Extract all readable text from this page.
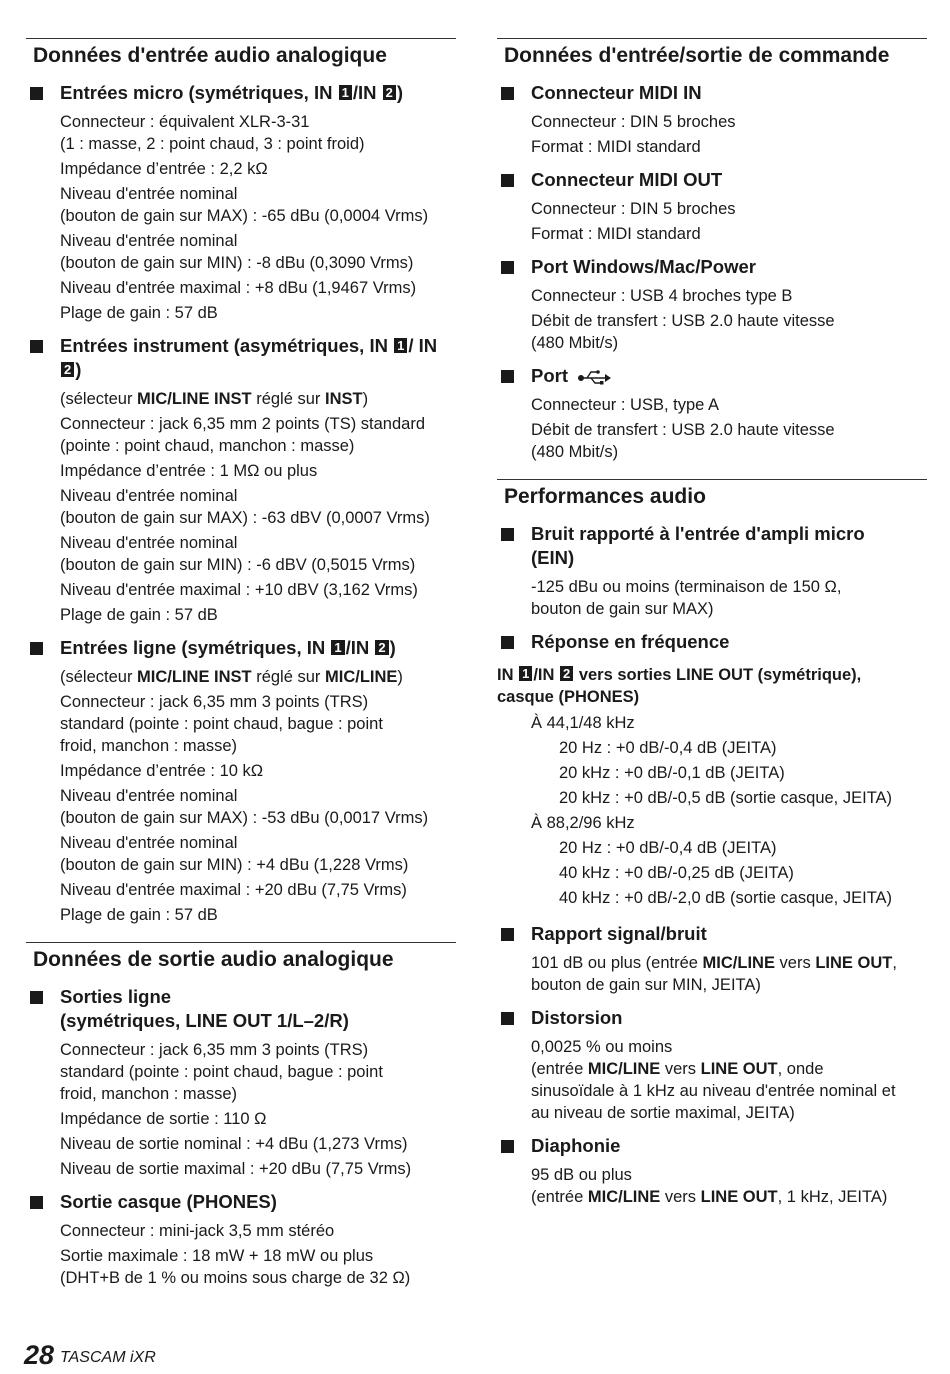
Données d'entrée audio analogique
Entrées micro (symétriques, IN 1 /IN 2 )
Connecteur : équivalent XLR-3-31
(1 : masse, 2 : point chaud, 3 : point froid)
Impédance d’entrée : 2,2 kΩ
Niveau d'entrée nominal
(bouton de gain sur MAX) : -65 dBu (0,0004 Vrms)
Niveau d'entrée nominal
(bouton de gain sur MIN) : -8 dBu (0,3090 Vrms)
Niveau d'entrée maximal : +8 dBu (1,9467 Vrms)
Plage de gain : 57 dB
Entrées instrument (asymétriques, IN 1 / IN 2 )
(sélecteur MIC/LINE INST réglé sur INST)
Connecteur : jack 6,35 mm 2 points (TS) standard
(pointe : point chaud, manchon : masse)
Impédance d’entrée : 1 MΩ ou plus
Niveau d'entrée nominal
(bouton de gain sur MAX) : -63 dBV (0,0007 Vrms)
Niveau d'entrée nominal
(bouton de gain sur MIN) : -6 dBV (0,5015 Vrms)
Niveau d'entrée maximal : +10 dBV (3,162 Vrms)
Plage de gain : 57 dB
Entrées ligne (symétriques, IN 1 /IN 2 )
(sélecteur MIC/LINE INST réglé sur MIC/LINE)
Connecteur : jack 6,35 mm 3 points (TRS)
standard (pointe : point chaud, bague : point
froid, manchon : masse)
Impédance d’entrée : 10 kΩ
Niveau d'entrée nominal
(bouton de gain sur MAX) : -53 dBu (0,0017 Vrms)
Niveau d'entrée nominal
(bouton de gain sur MIN) : +4 dBu (1,228 Vrms)
Niveau d'entrée maximal : +20 dBu (7,75 Vrms)
Plage de gain : 57 dB
Données de sortie audio analogique
Sorties ligne
(symétriques, LINE OUT 1/L–2/R)
Connecteur : jack 6,35 mm 3 points (TRS)
standard (pointe : point chaud, bague : point
froid, manchon : masse)
Impédance de sortie : 110 Ω
Niveau de sortie nominal : +4 dBu (1,273 Vrms)
Niveau de sortie maximal : +20 dBu (7,75 Vrms)
Sortie casque (PHONES)
Connecteur : mini-jack 3,5 mm stéréo
Sortie maximale : 18 mW + 18 mW ou plus
(DHT+B de 1 % ou moins sous charge de 32 Ω)
Données d'entrée/sortie de commande
Connecteur MIDI IN
Connecteur : DIN 5 broches
Format : MIDI standard
Connecteur MIDI OUT
Connecteur : DIN 5 broches
Format : MIDI standard
Port Windows/Mac/Power
Connecteur : USB 4 broches type B
Débit de transfert : USB 2.0 haute vitesse
(480 Mbit/s)
Port
Connecteur : USB, type A
Débit de transfert : USB 2.0 haute vitesse
(480 Mbit/s)
Performances audio
Bruit rapporté à l'entrée d'ampli micro
(EIN)
-125 dBu ou moins (terminaison de 150 Ω,
bouton de gain sur MAX)
Réponse en fréquence
IN 1 /IN 2 vers sorties LINE OUT (symétrique),
casque (PHONES)
À 44,1/48 kHz
20 Hz : +0 dB/-0,4 dB (JEITA)
20 kHz : +0 dB/-0,1 dB (JEITA)
20 kHz : +0 dB/-0,5 dB (sortie casque, JEITA)
À 88,2/96 kHz
20 Hz : +0 dB/-0,4 dB (JEITA)
40 kHz : +0 dB/-0,25 dB (JEITA)
40 kHz : +0 dB/-2,0 dB (sortie casque, JEITA)
Rapport signal/bruit
101 dB ou plus (entrée MIC/LINE vers LINE OUT,
bouton de gain sur MIN, JEITA)
Distorsion
0,0025 % ou moins
(entrée MIC/LINE vers LINE OUT, onde
sinusoïdale à 1 kHz au niveau d'entrée nominal et
au niveau de sortie maximal, JEITA)
Diaphonie
95 dB ou plus
(entrée MIC/LINE vers LINE OUT, 1 kHz, JEITA)
28 TASCAM iXR
